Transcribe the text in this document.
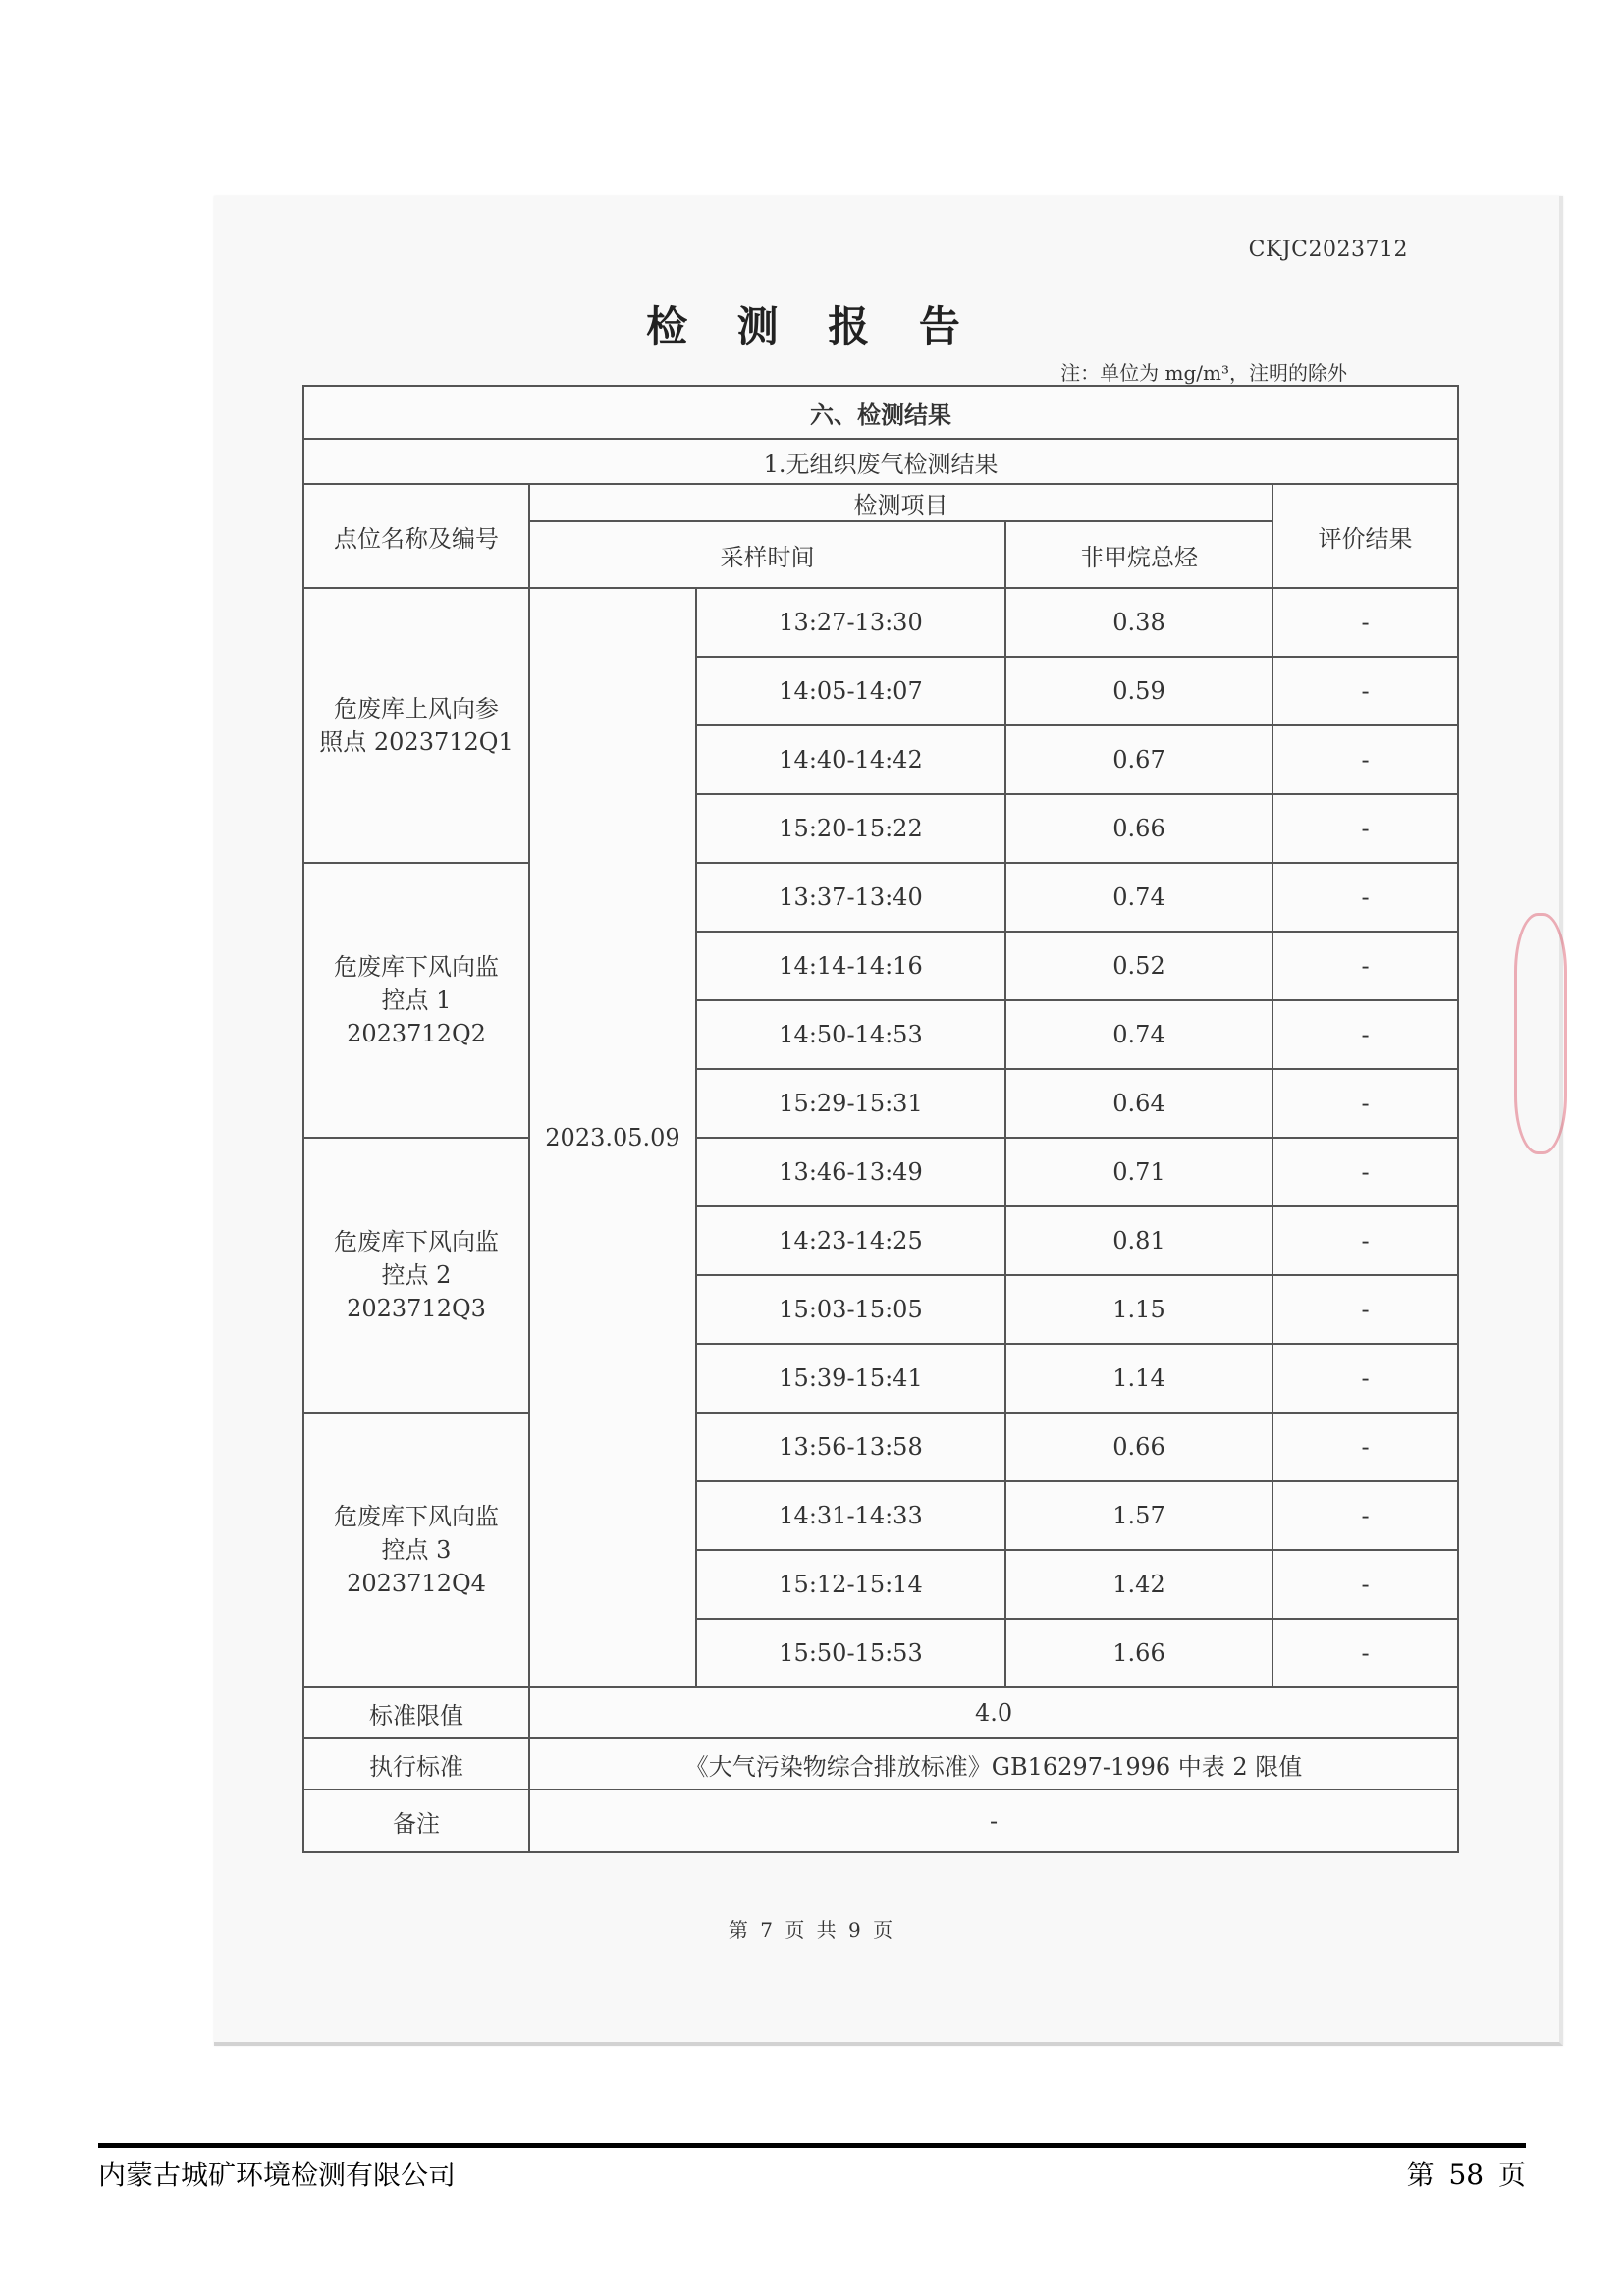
CKJC2023712
检 测 报 告
注：单位为 mg/m³，注明的除外
六、检测结果				
1.无组织废气检测结果				
点位名称及编号	检测项目			评价结果
	采样时间		非甲烷总烃	

危废库上风向参
照点 2023712Q1	2023.05.09	13:27-13:30	0.38	-
		14:05-14:07	0.59	-
		14:40-14:42	0.67	-
		15:20-15:22	0.66	-

危废库下风向监
控点 1
2023712Q2		13:37-13:40	0.74	-
		14:14-14:16	0.52	-
		14:50-14:53	0.74	-
		15:29-15:31	0.64	-

危废库下风向监
控点 2
2023712Q3		13:46-13:49	0.71	-
		14:23-14:25	0.81	-
		15:03-15:05	1.15	-
		15:39-15:41	1.14	-

危废库下风向监
控点 3
2023712Q4		13:56-13:58	0.66	-
		14:31-14:33	1.57	-
		15:12-15:14	1.42	-
		15:50-15:53	1.66	-
标准限值	4.0			
执行标准	《大气污染物综合排放标准》GB16297-1996 中表 2 限值			
备注	-			
第 7 页 共 9 页
内蒙古城矿环境检测有限公司	第 58 页
